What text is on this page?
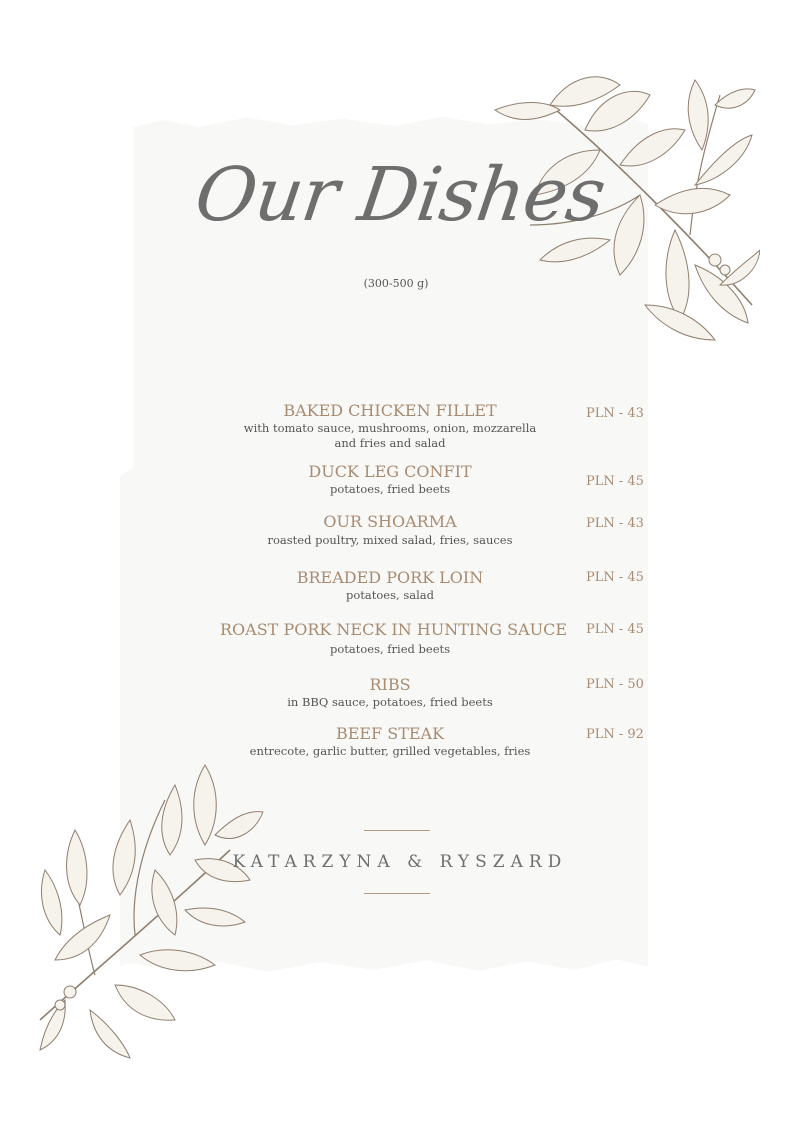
Our Dishes
(300-500 g)
BAKED CHICKEN FILLET
with tomato sauce, mushrooms, onion, mozzarella
and fries and salad
PLN - 43
DUCK LEG CONFIT
potatoes, fried beets	PLN - 45
OUR SHOARMA
roasted poultry, mixed salad, fries, sauces
PLN - 43
BREADED PORK LOIN
potatoes, salad
PLN - 45
ROAST PORK NECK IN HUNTING SAUCE
potatoes, fried beets
PLN - 45
RIBS
in BBQ sauce, potatoes, fried beets
PLN - 50
BEEF STEAK
entrecote, garlic butter, grilled vegetables, fries
PLN - 92
KATARZYNA & RYSZARD
